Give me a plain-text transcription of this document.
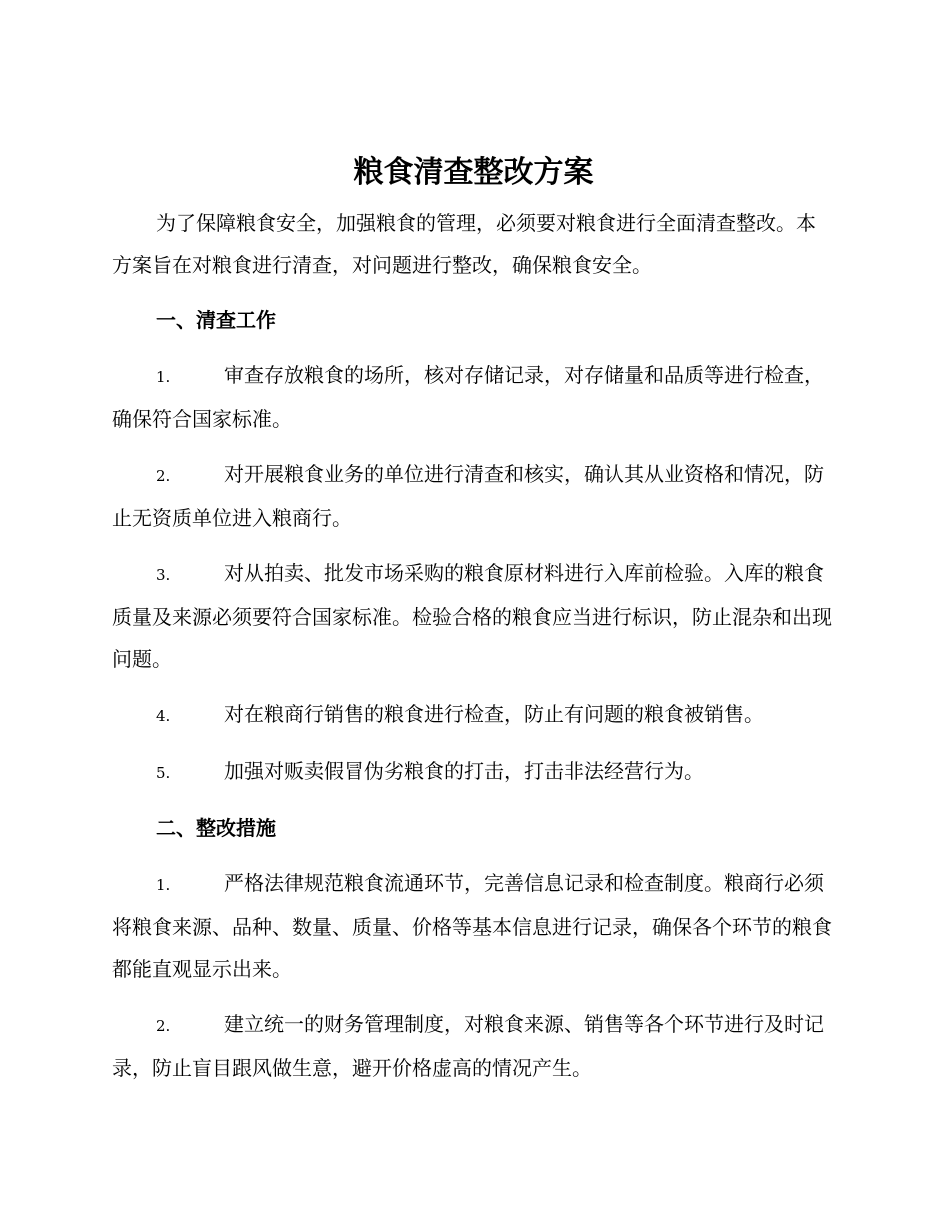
粮食清查整改方案

为了保障粮食安全，加强粮食的管理，必须要对粮食进行全面清查整改。本方案旨在对粮食进行清查，对问题进行整改，确保粮食安全。

一、清查工作

1.	审查存放粮食的场所，核对存储记录，对存储量和品质等进行检查，确保符合国家标准。

2.	对开展粮食业务的单位进行清查和核实，确认其从业资格和情况，防止无资质单位进入粮商行。

3.	对从拍卖、批发市场采购的粮食原材料进行入库前检验。入库的粮食质量及来源必须要符合国家标准。检验合格的粮食应当进行标识，防止混杂和出现问题。

4.	对在粮商行销售的粮食进行检查，防止有问题的粮食被销售。

5.	加强对贩卖假冒伪劣粮食的打击，打击非法经营行为。

二、整改措施

1.	严格法律规范粮食流通环节，完善信息记录和检查制度。粮商行必须将粮食来源、品种、数量、质量、价格等基本信息进行记录，确保各个环节的粮食都能直观显示出来。

2.	建立统一的财务管理制度，对粮食来源、销售等各个环节进行及时记录，防止盲目跟风做生意，避开价格虚高的情况产生。
